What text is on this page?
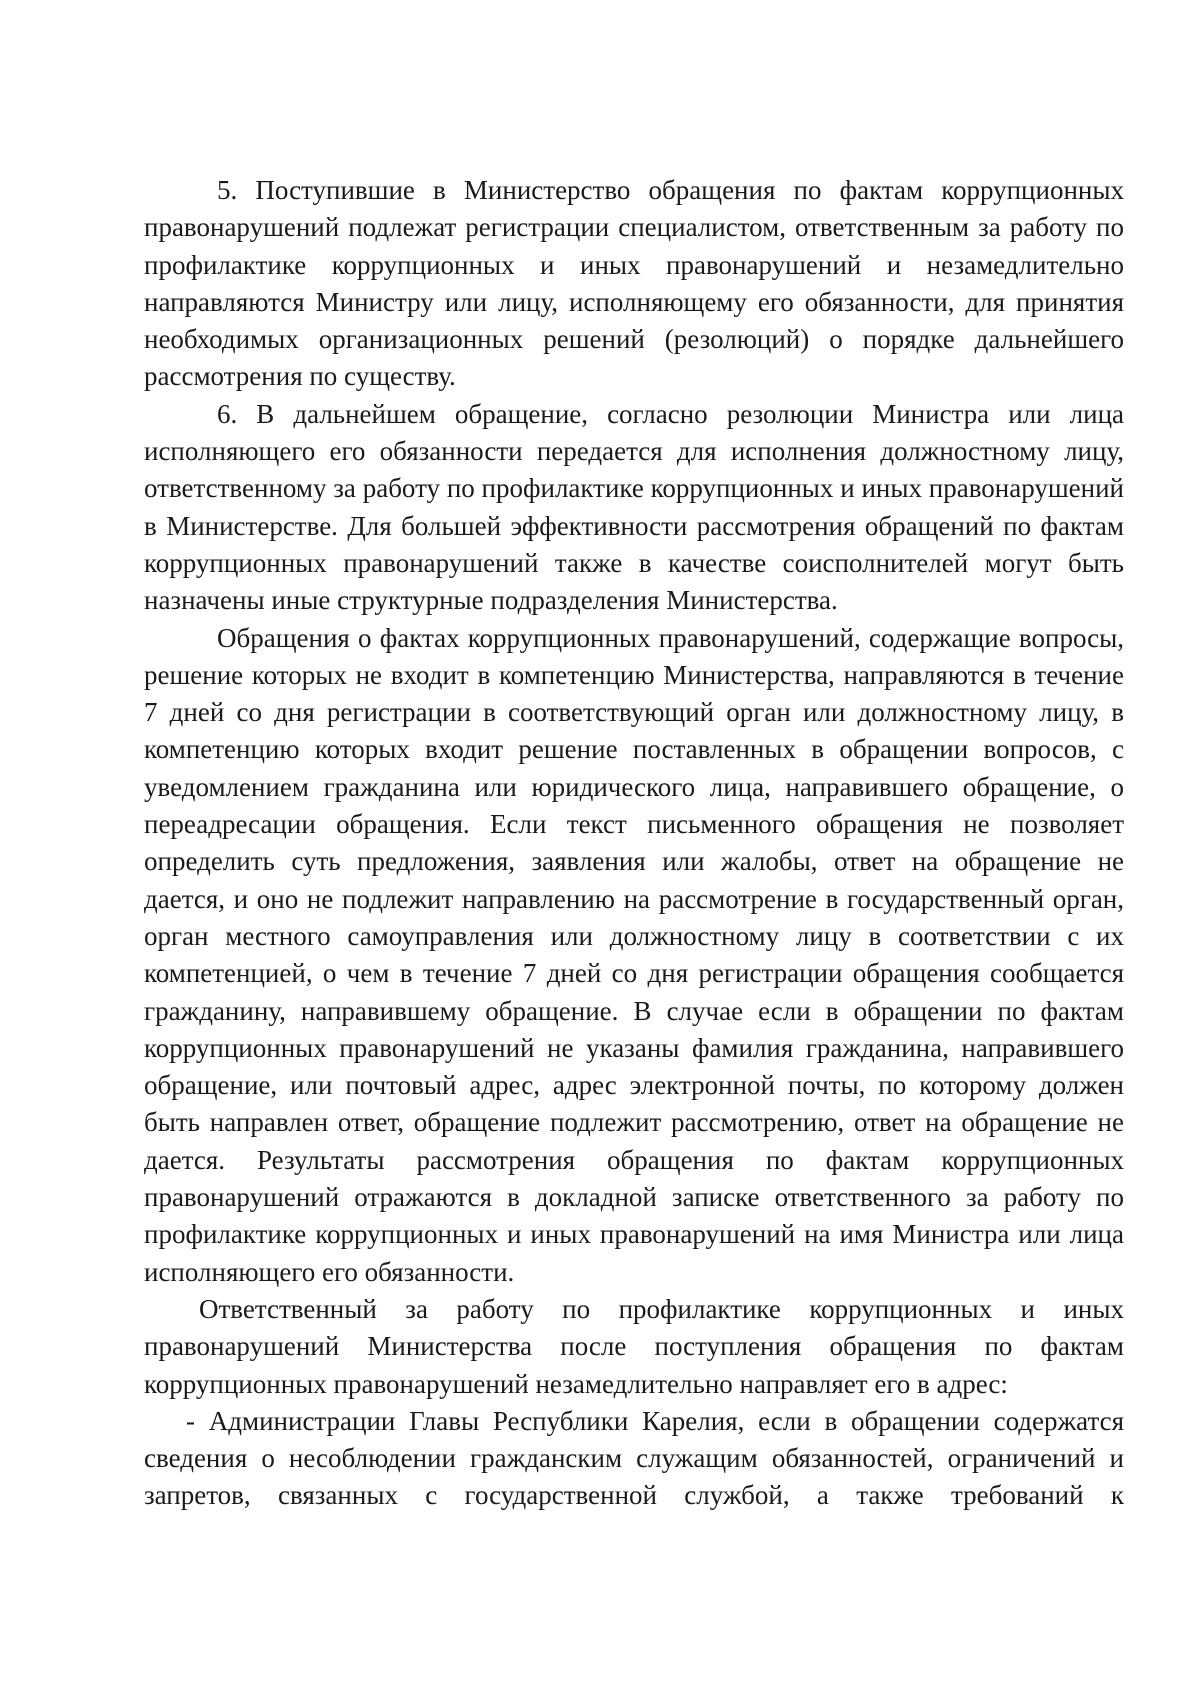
5. Поступившие в Министерство обращения по фактам коррупционных правонарушений подлежат регистрации специалистом, ответственным за работу по профилактике коррупционных и иных правонарушений и незамедлительно направляются Министру или лицу, исполняющему его обязанности, для принятия необходимых организационных решений (резолюций) о порядке дальнейшего рассмотрения по существу.

6. В дальнейшем обращение, согласно резолюции Министра или лица исполняющего его обязанности передается для исполнения должностному лицу, ответственному за работу по профилактике коррупционных и иных правонарушений в Министерстве. Для большей эффективности рассмотрения обращений по фактам коррупционных правонарушений также в качестве соисполнителей могут быть назначены иные структурные подразделения Министерства.

Обращения о фактах коррупционных правонарушений, содержащие вопросы, решение которых не входит в компетенцию Министерства, направляются в течение 7 дней со дня регистрации в соответствующий орган или должностному лицу, в компетенцию которых входит решение поставленных в обращении вопросов, с уведомлением гражданина или юридического лица, направившего обращение, о переадресации обращения. Если текст письменного обращения не позволяет определить суть предложения, заявления или жалобы, ответ на обращение не дается, и оно не подлежит направлению на рассмотрение в государственный орган, орган местного самоуправления или должностному лицу в соответствии с их компетенцией, о чем в течение 7 дней со дня регистрации обращения сообщается гражданину, направившему обращение. В случае если в обращении по фактам коррупционных правонарушений не указаны фамилия гражданина, направившего обращение, или почтовый адрес, адрес электронной почты, по которому должен быть направлен ответ, обращение подлежит рассмотрению, ответ на обращение не дается. Результаты рассмотрения обращения по фактам коррупционных правонарушений отражаются в докладной записке ответственного за работу по профилактике коррупционных и иных правонарушений на имя Министра или лица исполняющего его обязанности.

Ответственный за работу по профилактике коррупционных и иных правонарушений Министерства после поступления обращения по фактам коррупционных правонарушений незамедлительно направляет его в адрес:

- Администрации Главы Республики Карелия, если в обращении содержатся сведения о несоблюдении гражданским служащим обязанностей, ограничений и запретов, связанных с государственной службой, а также требований к
